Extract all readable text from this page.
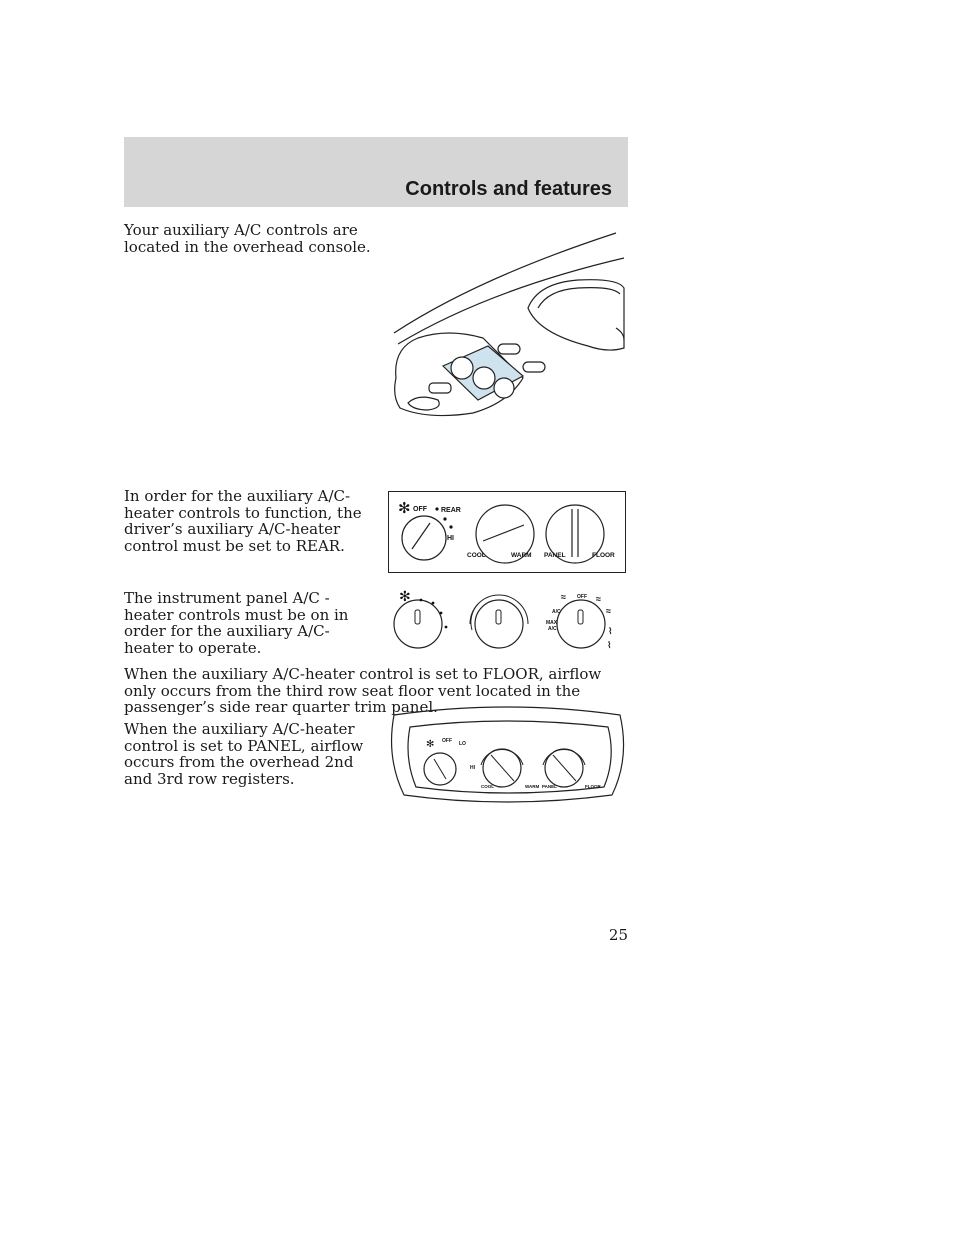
Controls and features

Your auxiliary A/C controls are located in the overhead console.

In order for the auxiliary A/C-heater controls to function, the driver’s auxiliary A/C-heater control must be set to REAR.

✻ OFF REAR
HI
COOL	WARM PANEL	FLOOR

The instrument panel A/C - heater controls must be on in order for the auxiliary A/C-heater to operate.

✻
A/C
OFF
MAX
A/C
≈	≈
≈
⌇
⌇

When the auxiliary A/C-heater control is set to FLOOR, airflow only occurs from the third row seat floor vent located in the passenger’s side rear quarter trim panel.

When the auxiliary A/C-heater control is set to PANEL, airflow occurs from the overhead 2nd and 3rd row registers.

✻ OFF LO
HI
COOL	WARM PANEL	FLOOR
25
